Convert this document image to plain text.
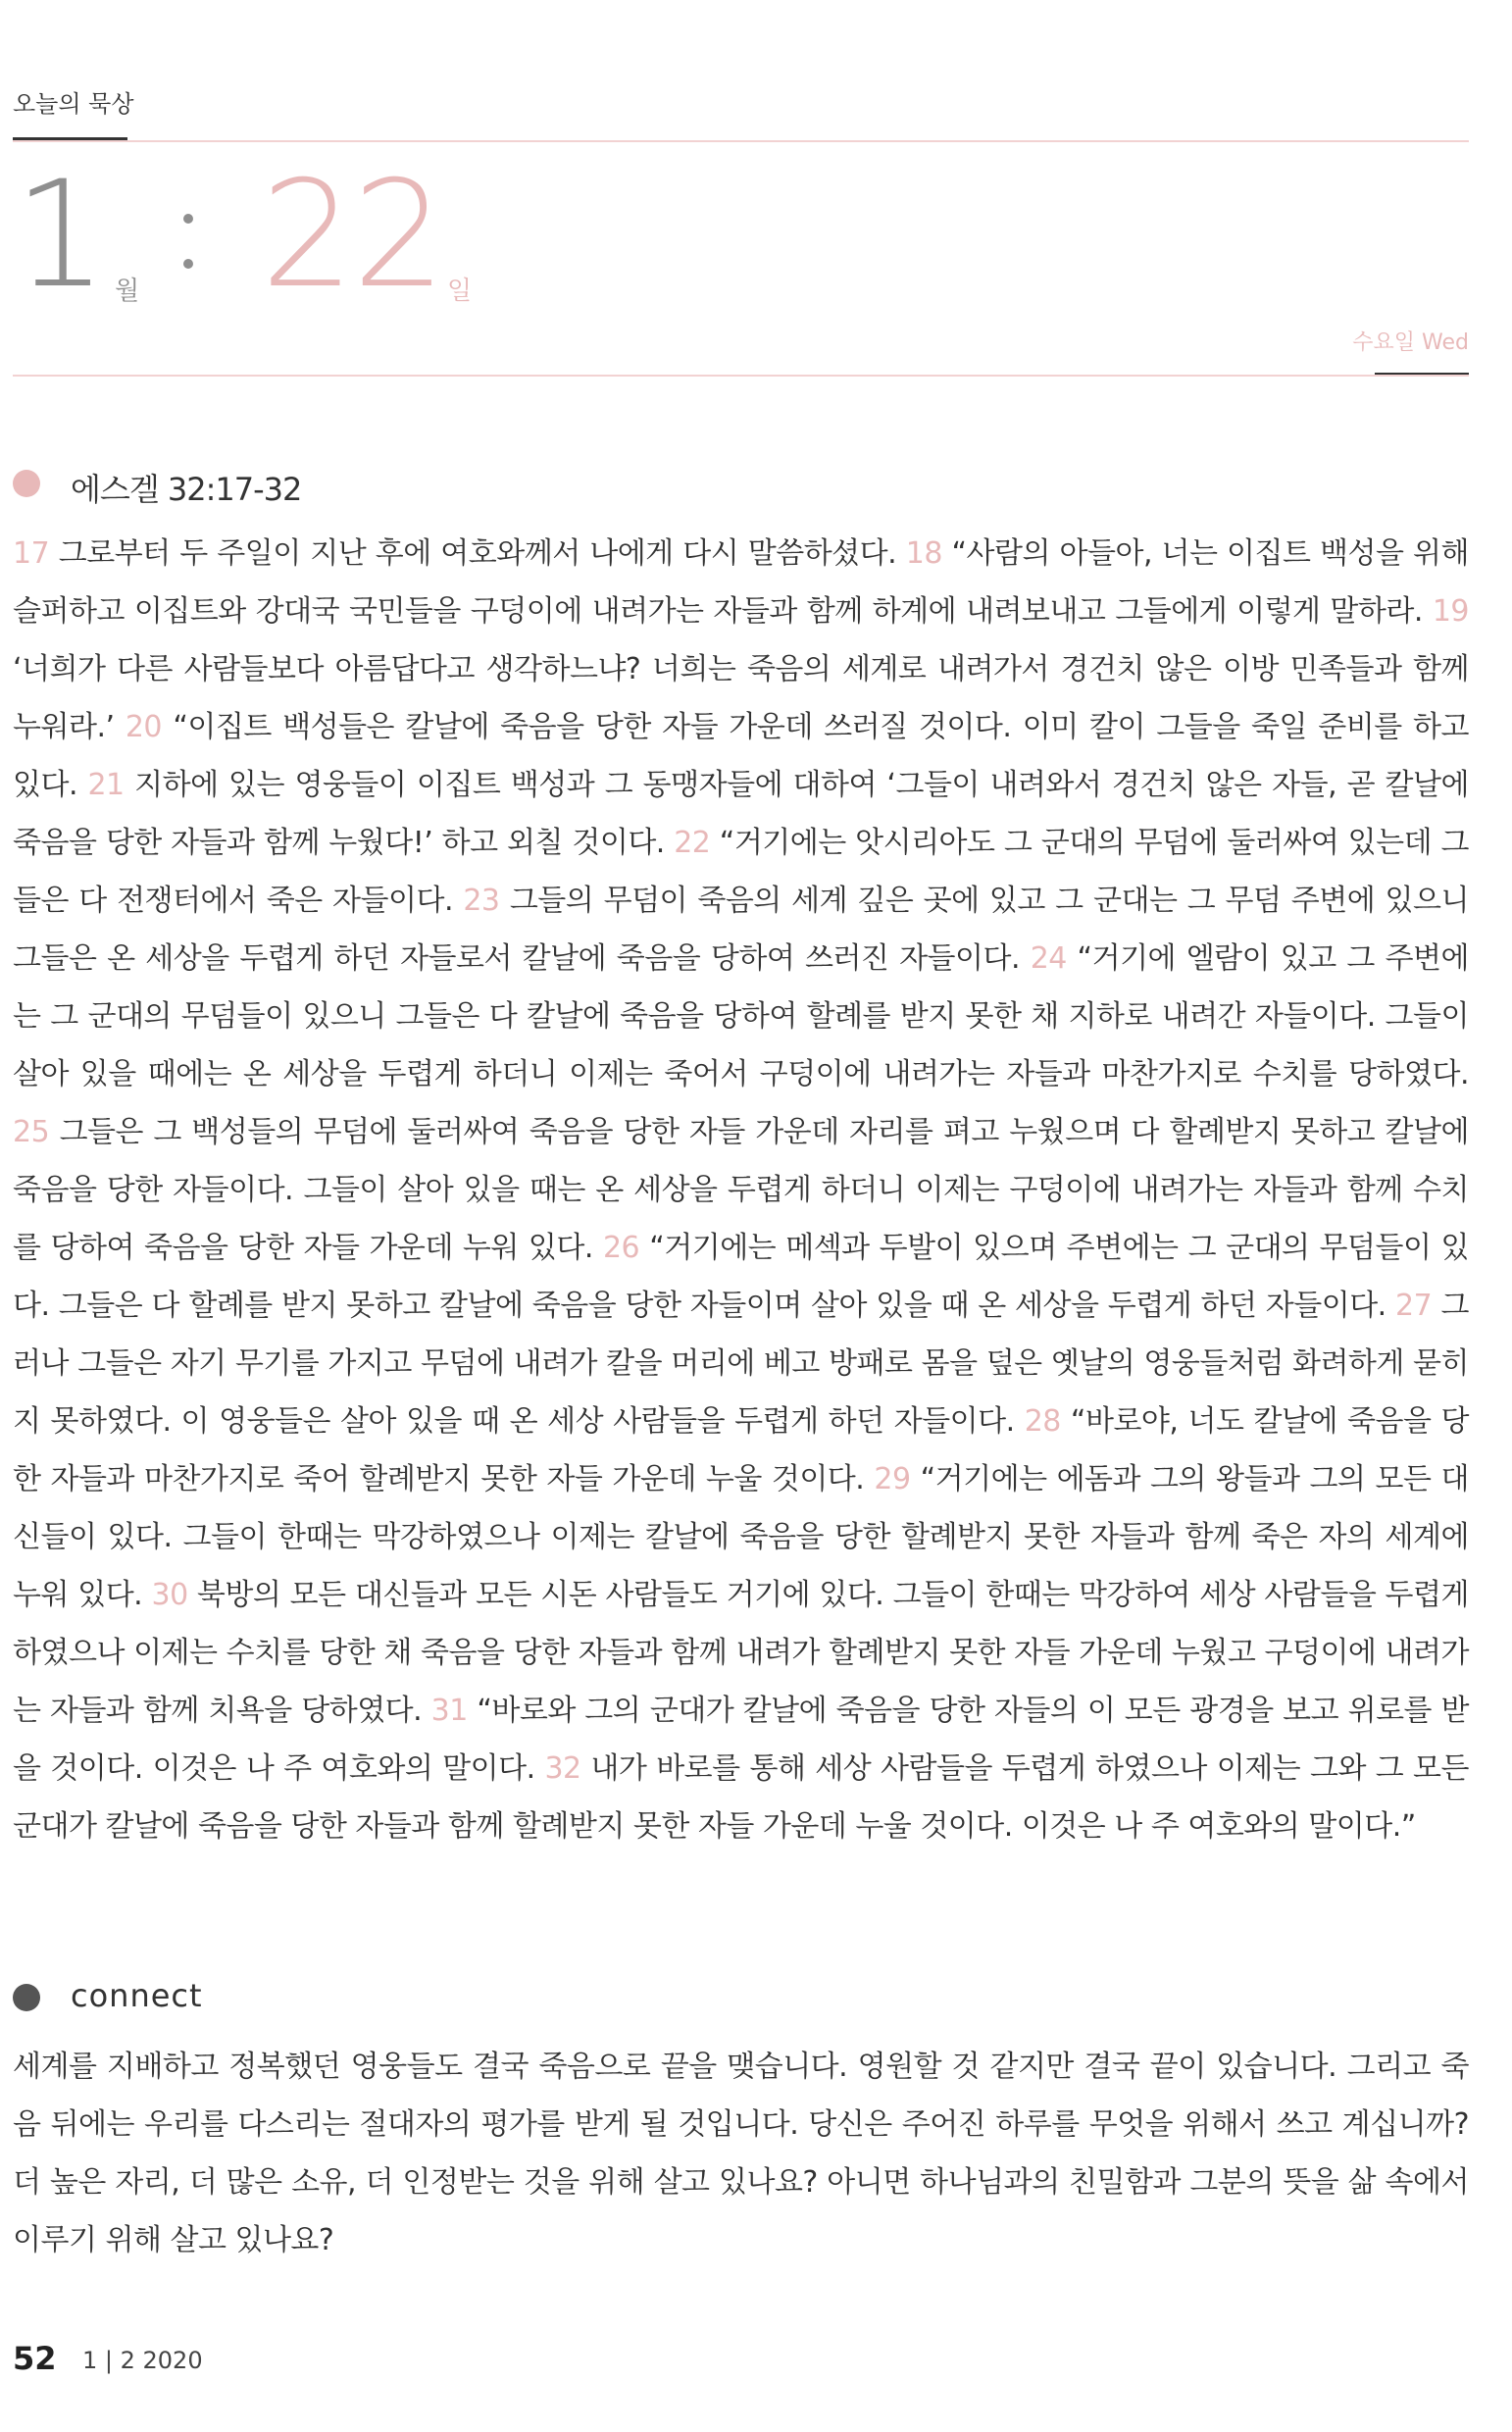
오늘의 묵상
1 월 22 일
수요일 Wed
에스겔 32:17-32

17 그로부터 두 주일이 지난 후에 여호와께서 나에게 다시 말씀하셨다. 18 “사람의 아들아, 너는 이집트 백성을 위해 슬퍼하고 이집트와 강대국 국민들을 구덩이에 내려가는 자들과 함께 하계에 내려보내고 그들에게 이렇게 말하라. 19 ‘너희가 다른 사람들보다 아름답다고 생각하느냐? 너희는 죽음의 세계로 내려가서 경건치 않은 이방 민족들과 함께 누워라.’ 20 “이집트 백성들은 칼날에 죽음을 당한 자들 가운데 쓰러질 것이다. 이미 칼이 그들을 죽일 준비를 하고 있다. 21 지하에 있는 영웅들이 이집트 백성과 그 동맹자들에 대하여 ‘그들이 내려와서 경건치 않은 자들, 곧 칼날에 죽음을 당한 자들과 함께 누웠다!’ 하고 외칠 것이다. 22 “거기에는 앗시리아도 그 군대의 무덤에 둘러싸여 있는데 그들은 다 전쟁터에서 죽은 자들이다. 23 그들의 무덤이 죽음의 세계 깊은 곳에 있고 그 군대는 그 무덤 주변에 있으니 그들은 온 세상을 두렵게 하던 자들로서 칼날에 죽음을 당하여 쓰러진 자들이다. 24 “거기에 엘람이 있고 그 주변에는 그 군대의 무덤들이 있으니 그들은 다 칼날에 죽음을 당하여 할례를 받지 못한 채 지하로 내려간 자들이다. 그들이 살아 있을 때에는 온 세상을 두렵게 하더니 이제는 죽어서 구덩이에 내려가는 자들과 마찬가지로 수치를 당하였다. 25 그들은 그 백성들의 무덤에 둘러싸여 죽음을 당한 자들 가운데 자리를 펴고 누웠으며 다 할례받지 못하고 칼날에 죽음을 당한 자들이다. 그들이 살아 있을 때는 온 세상을 두렵게 하더니 이제는 구덩이에 내려가는 자들과 함께 수치를 당하여 죽음을 당한 자들 가운데 누워 있다. 26 “거기에는 메섹과 두발이 있으며 주변에는 그 군대의 무덤들이 있다. 그들은 다 할례를 받지 못하고 칼날에 죽음을 당한 자들이며 살아 있을 때 온 세상을 두렵게 하던 자들이다. 27 그러나 그들은 자기 무기를 가지고 무덤에 내려가 칼을 머리에 베고 방패로 몸을 덮은 옛날의 영웅들처럼 화려하게 묻히지 못하였다. 이 영웅들은 살아 있을 때 온 세상 사람들을 두렵게 하던 자들이다. 28 “바로야, 너도 칼날에 죽음을 당한 자들과 마찬가지로 죽어 할례받지 못한 자들 가운데 누울 것이다. 29 “거기에는 에돔과 그의 왕들과 그의 모든 대신들이 있다. 그들이 한때는 막강하였으나 이제는 칼날에 죽음을 당한 할례받지 못한 자들과 함께 죽은 자의 세계에 누워 있다. 30 북방의 모든 대신들과 모든 시돈 사람들도 거기에 있다. 그들이 한때는 막강하여 세상 사람들을 두렵게 하였으나 이제는 수치를 당한 채 죽음을 당한 자들과 함께 내려가 할례받지 못한 자들 가운데 누웠고 구덩이에 내려가는 자들과 함께 치욕을 당하였다. 31 “바로와 그의 군대가 칼날에 죽음을 당한 자들의 이 모든 광경을 보고 위로를 받을 것이다. 이것은 나 주 여호와의 말이다. 32 내가 바로를 통해 세상 사람들을 두렵게 하였으나 이제는 그와 그 모든 군대가 칼날에 죽음을 당한 자들과 함께 할례받지 못한 자들 가운데 누울 것이다. 이것은 나 주 여호와의 말이다.”

connect

세계를 지배하고 정복했던 영웅들도 결국 죽음으로 끝을 맺습니다. 영원할 것 같지만 결국 끝이 있습니다. 그리고 죽음 뒤에는 우리를 다스리는 절대자의 평가를 받게 될 것입니다. 당신은 주어진 하루를 무엇을 위해서 쓰고 계십니까? 더 높은 자리, 더 많은 소유, 더 인정받는 것을 위해 살고 있나요? 아니면 하나님과의 친밀함과 그분의 뜻을 삶 속에서 이루기 위해 살고 있나요?

52 1 | 2 2020
